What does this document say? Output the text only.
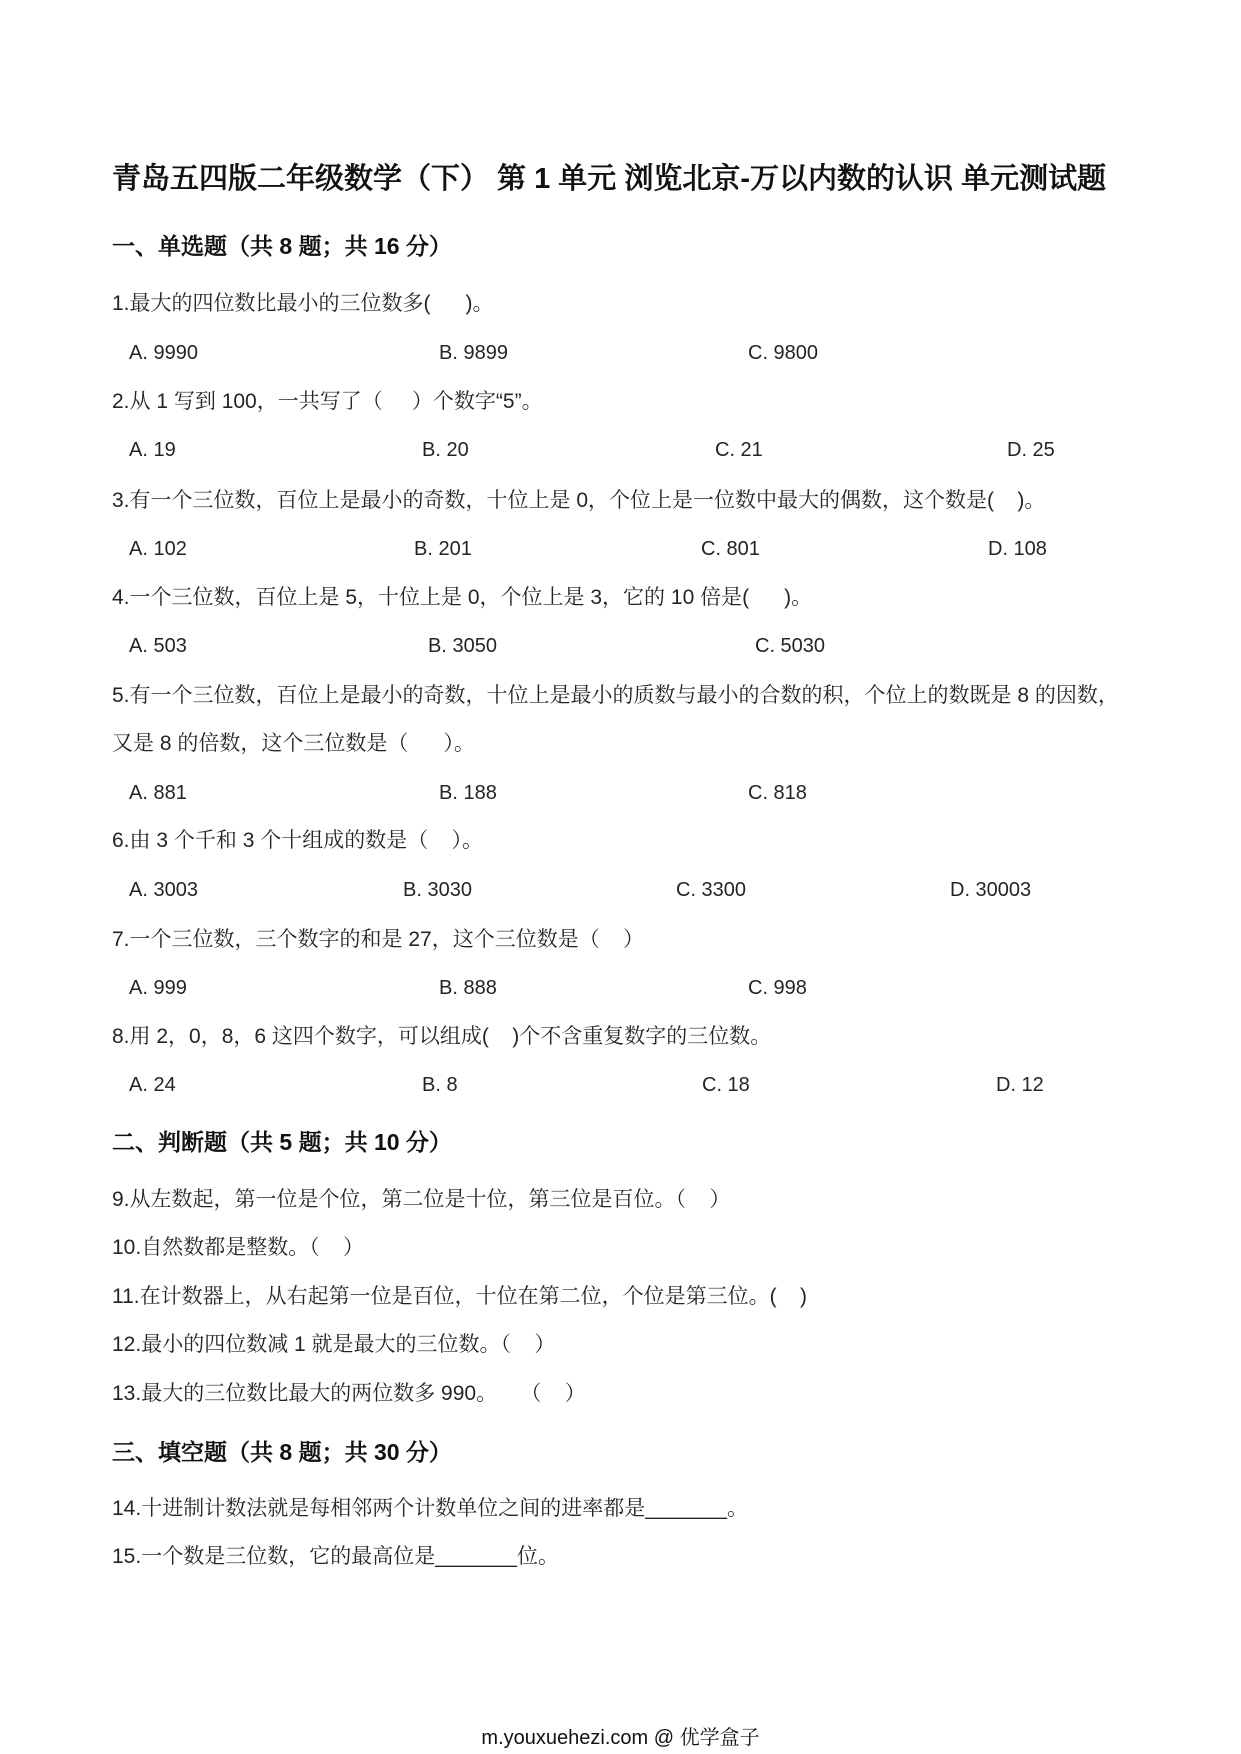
青岛五四版二年级数学（下） 第 1 单元 浏览北京-万以内数的认识 单元测试题
一、单选题（共 8 题；共 16 分）
1.最大的四位数比最小的三位数多(      )。
A. 9990	B. 9899	C. 9800
2.从 1 写到 100，一共写了（     ）个数字“5”。
A. 19	B. 20	C. 21	D. 25
3.有一个三位数，百位上是最小的奇数，十位上是 0，个位上是一位数中最大的偶数，这个数是(    )。
A. 102	B. 201	C. 801	D. 108
4.一个三位数，百位上是 5，十位上是 0，个位上是 3，它的 10 倍是(      )。
A. 503	B. 3050	C. 5030
5.有一个三位数，百位上是最小的奇数，十位上是最小的质数与最小的合数的积，个位上的数既是 8 的因数，
又是 8 的倍数，这个三位数是（      ）。
A. 881	B. 188	C. 818
6.由 3 个千和 3 个十组成的数是（    ）。
A. 3003	B. 3030	C. 3300	D. 30003
7.一个三位数，三个数字的和是 27，这个三位数是（    ）
A. 999	B. 888	C. 998
8.用 2，0，8，6 这四个数字，可以组成(    )个不含重复数字的三位数。
A. 24	B. 8	C. 18	D. 12
二、判断题（共 5 题；共 10 分）
9.从左数起，第一位是个位，第二位是十位，第三位是百位。（    ）
10.自然数都是整数。（    ）
11.在计数器上，从右起第一位是百位，十位在第二位，个位是第三位。(    )
12.最小的四位数减 1 就是最大的三位数。（    ）
13.最大的三位数比最大的两位数多 990。    （    ）
三、填空题（共 8 题；共 30 分）
14.十进制计数法就是每相邻两个计数单位之间的进率都是_______。
15.一个数是三位数，它的最高位是_______位。
m.youxuehezi.com @ 优学盒子
